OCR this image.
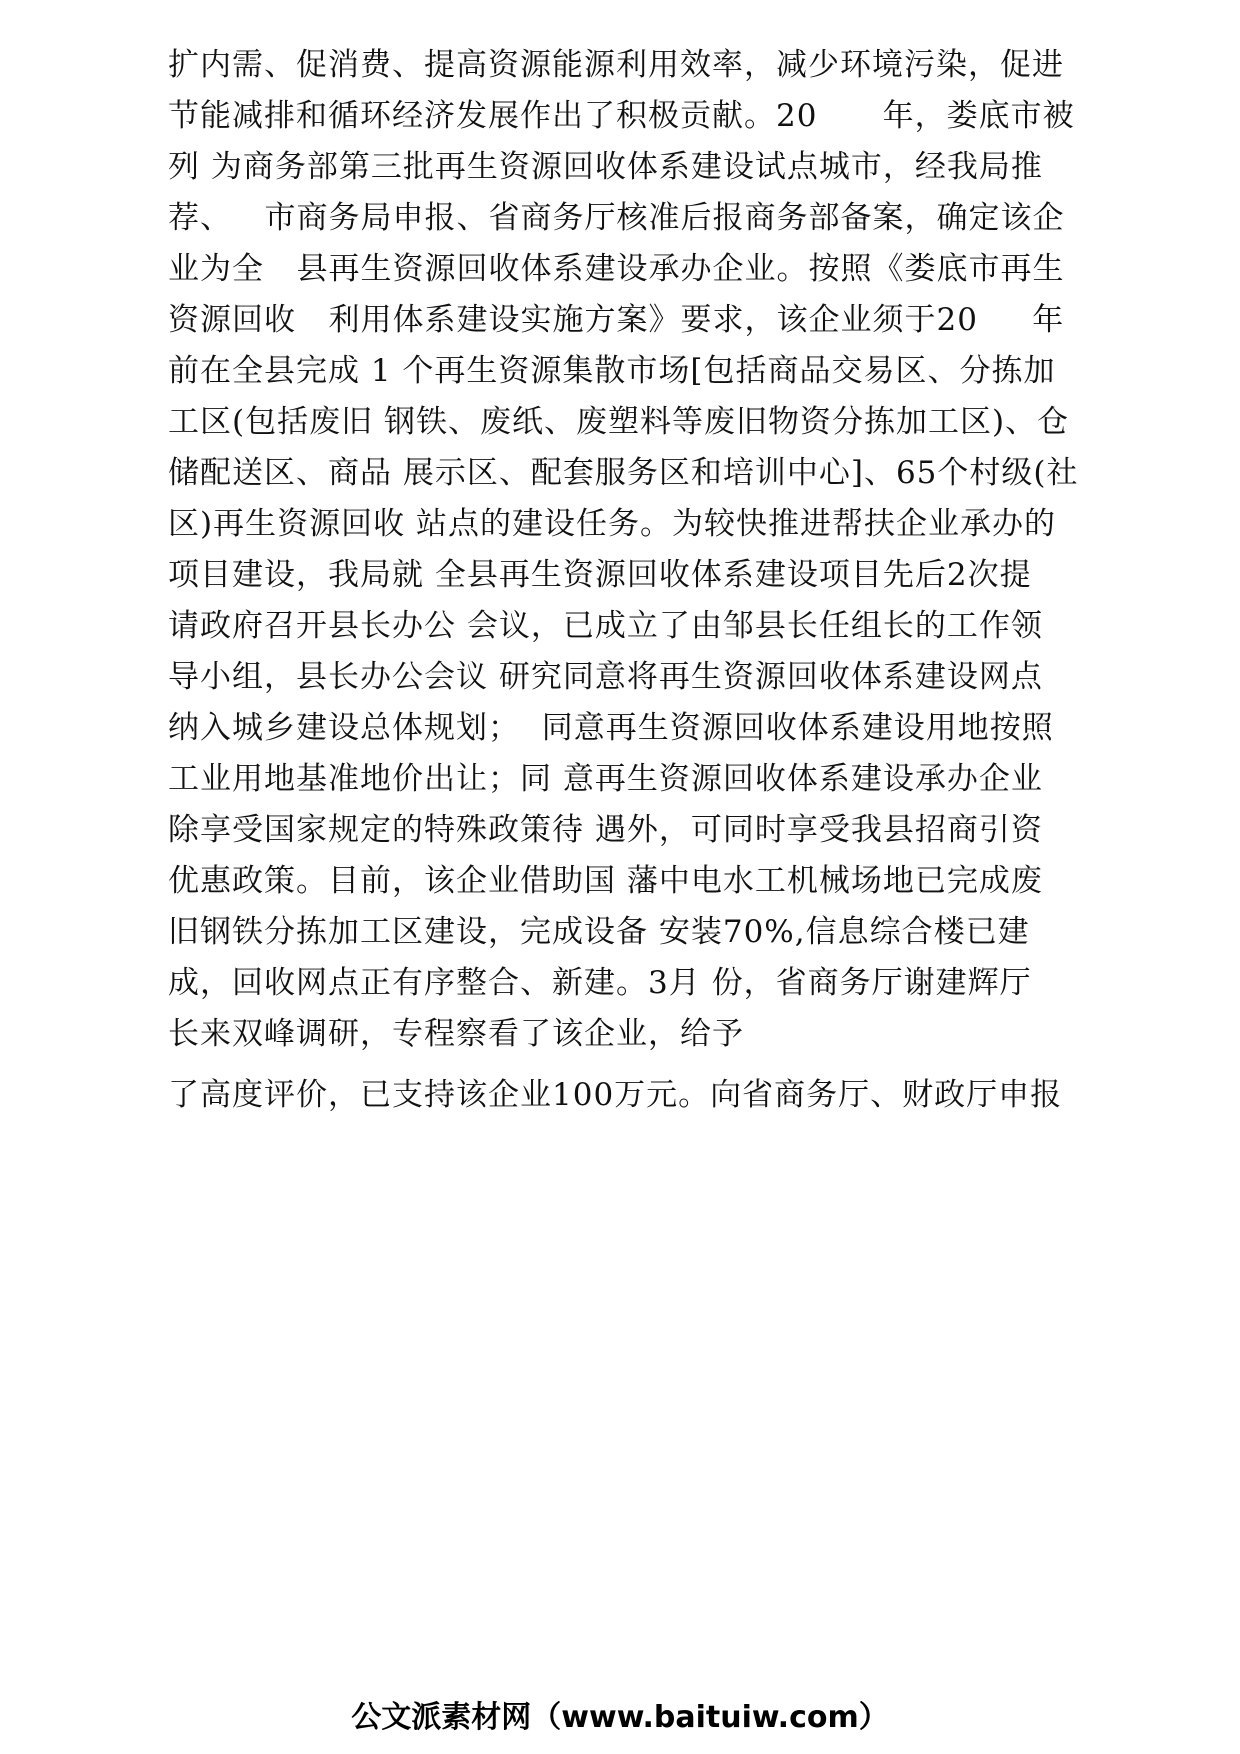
扩内需、促消费、提高资源能源利用效率，减少环境污染，促进
节能减排和循环经济发展作出了积极贡献。20      年，娄底市被
列 为商务部第三批再生资源回收体系建设试点城市，经我局推
荐、   市商务局申报、省商务厅核准后报商务部备案，确定该企
业为全   县再生资源回收体系建设承办企业。按照《娄底市再生
资源回收   利用体系建设实施方案》要求，该企业须于20     年
前在全县完成 1 个再生资源集散市场[包括商品交易区、分拣加
工区(包括废旧 钢铁、废纸、废塑料等废旧物资分拣加工区)、仓
储配送区、商品 展示区、配套服务区和培训中心]、65个村级(社
区)再生资源回收 站点的建设任务。为较快推进帮扶企业承办的
项目建设，我局就 全县再生资源回收体系建设项目先后2次提
请政府召开县长办公 会议，已成立了由邹县长任组长的工作领
导小组，县长办公会议 研究同意将再生资源回收体系建设网点
纳入城乡建设总体规划；  同意再生资源回收体系建设用地按照
工业用地基准地价出让；同 意再生资源回收体系建设承办企业
除享受国家规定的特殊政策待 遇外，可同时享受我县招商引资
优惠政策。目前，该企业借助国 藩中电水工机械场地已完成废
旧钢铁分拣加工区建设，完成设备 安装70%,信息综合楼已建
成，回收网点正有序整合、新建。3月 份，省商务厅谢建辉厅
长来双峰调研，专程察看了该企业，给予
了高度评价，已支持该企业100万元。向省商务厅、财政厅申报
公文派素材网（www.baituiw.com）
